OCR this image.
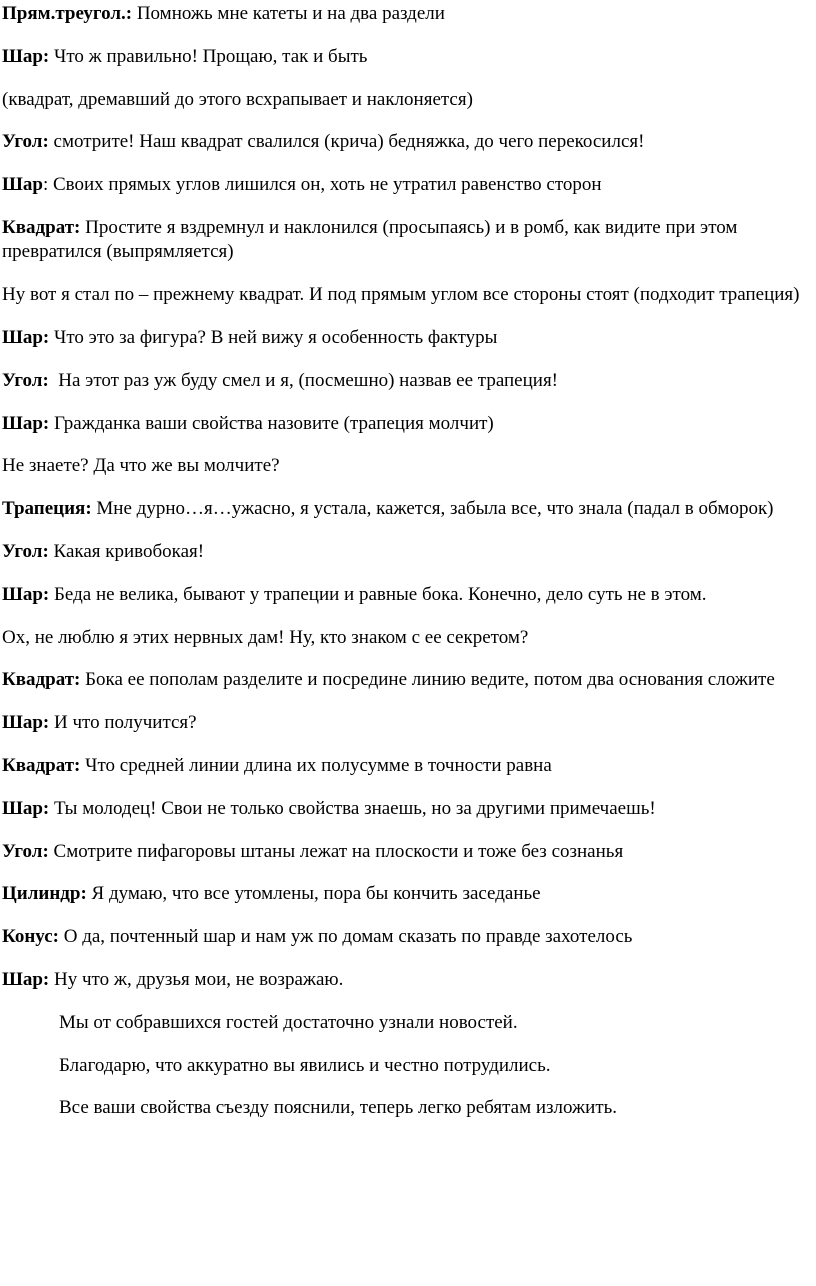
Прям.треугол.: Помножь мне катеты и на два раздели

Шар: Что ж правильно! Прощаю, так и быть

(квадрат, дремавший до этого всхрапывает и наклоняется)

Угол: смотрите! Наш квадрат свалился (крича) бедняжка, до чего перекосился!

Шар: Своих прямых углов лишился он, хоть не утратил равенство сторон

Квадрат: Простите я вздремнул и наклонился (просыпаясь) и в ромб, как видите при этом превратился (выпрямляется)

Ну вот я стал по – прежнему квадрат. И под прямым углом все стороны стоят (подходит трапеция)

Шар: Что это за фигура? В ней вижу я особенность фактуры

Угол:  На этот раз уж буду смел и я, (посмешно) назвав ее трапеция!

Шар: Гражданка ваши свойства назовите (трапеция молчит)

Не знаете? Да что же вы молчите?

Трапеция: Мне дурно…я…ужасно, я устала, кажется, забыла все, что знала (падал в обморок)

Угол: Какая кривобокая!

Шар: Беда не велика, бывают у трапеции и равные бока. Конечно, дело суть не в этом.

Ох, не люблю я этих нервных дам! Ну, кто знаком с ее секретом?

Квадрат: Бока ее пополам разделите и посредине линию ведите, потом два основания сложите

Шар: И что получится?

Квадрат: Что средней линии длина их полусумме в точности равна

Шар: Ты молодец! Свои не только свойства знаешь, но за другими примечаешь!

Угол: Смотрите пифагоровы штаны лежат на плоскости и тоже без сознанья

Цилиндр: Я думаю, что все утомлены, пора бы кончить заседанье

Конус: О да, почтенный шар и нам уж по домам сказать по правде захотелось

Шар: Ну что ж, друзья мои, не возражаю.

Мы от собравшихся гостей достаточно узнали новостей.

Благодарю, что аккуратно вы явились и честно потрудились.

Все ваши свойства съезду пояснили, теперь легко ребятам изложить.
